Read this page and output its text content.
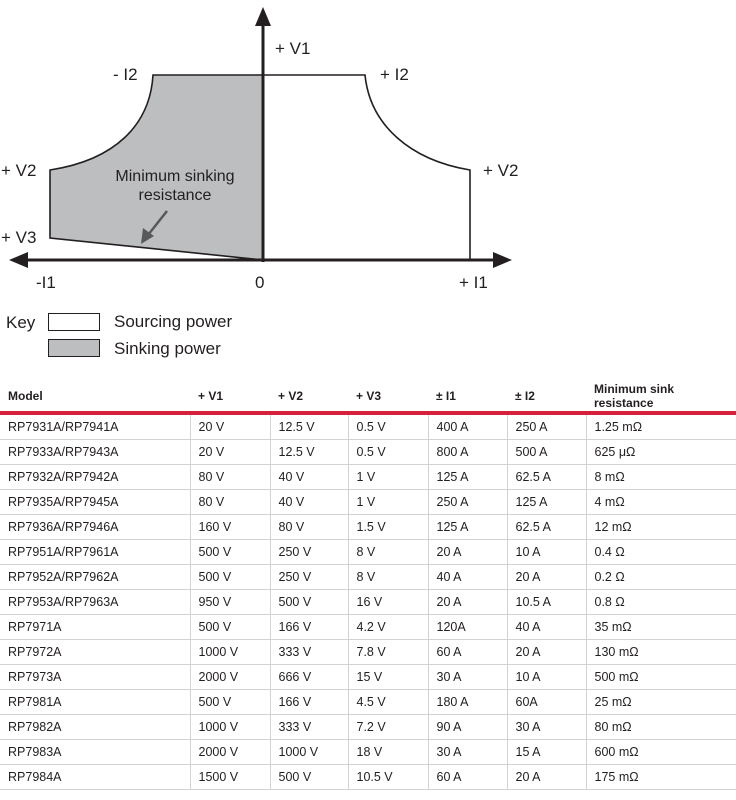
+ V1
- I2	+ I2
+ V2	+ V2
+ V3
-I1	0	+ I1
Minimum sinking
resistance
Key	Sourcing power
Sinking power
Model	+ V1	+ V2	+ V3	± I1	± I2	Minimum sink resistance
RP7931A/RP7941A	20 V	12.5 V	0.5 V	400 A	250 A	1.25 mΩ
RP7933A/RP7943A	20 V	12.5 V	0.5 V	800 A	500 A	625 μΩ
RP7932A/RP7942A	80 V	40 V	1 V	125 A	62.5 A	8 mΩ
RP7935A/RP7945A	80 V	40 V	1 V	250 A	125 A	4 mΩ
RP7936A/RP7946A	160 V	80 V	1.5 V	125 A	62.5 A	12 mΩ
RP7951A/RP7961A	500 V	250 V	8 V	20 A	10 A	0.4 Ω
RP7952A/RP7962A	500 V	250 V	8 V	40 A	20 A	0.2 Ω
RP7953A/RP7963A	950 V	500 V	16 V	20 A	10.5 A	0.8 Ω
RP7971A	500 V	166 V	4.2 V	120A	40 A	35 mΩ
RP7972A	1000 V	333 V	7.8 V	60 A	20 A	130 mΩ
RP7973A	2000 V	666 V	15 V	30 A	10 A	500 mΩ
RP7981A	500 V	166 V	4.5 V	180 A	60A	25 mΩ
RP7982A	1000 V	333 V	7.2 V	90 A	30 A	80 mΩ
RP7983A	2000 V	1000 V	18 V	30 A	15 A	600 mΩ
RP7984A	1500 V	500 V	10.5 V	60 A	20 A	175 mΩ
